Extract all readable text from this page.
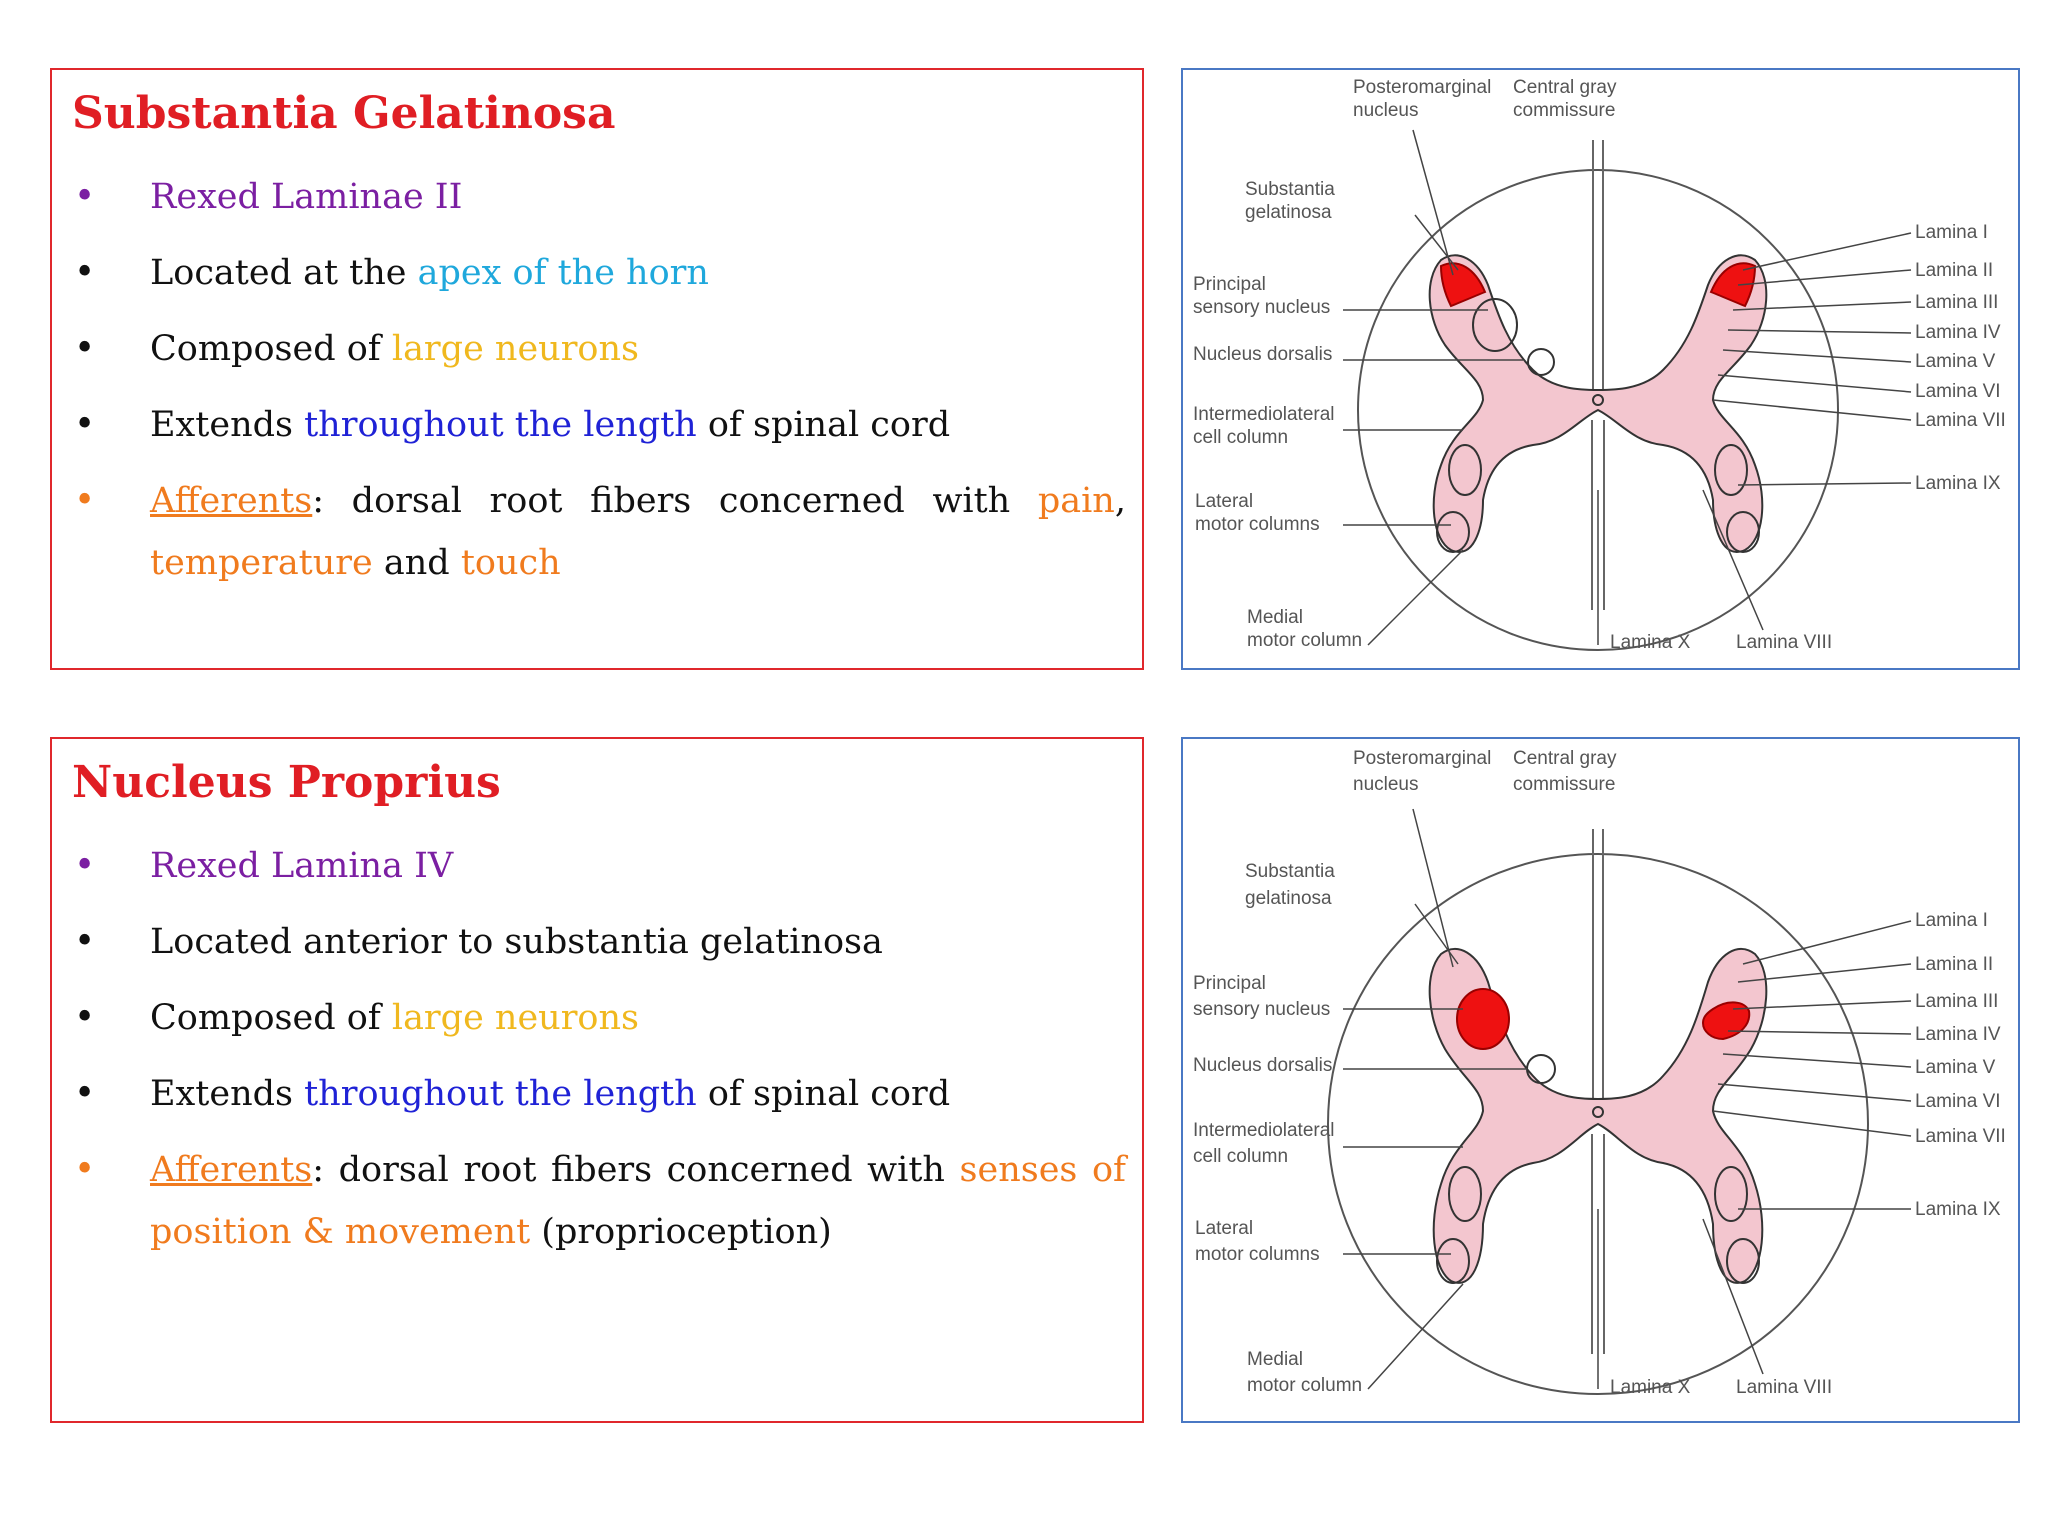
Substantia Gelatinosa
• Rexed Laminae II
• Located at the apex of the horn
• Composed of large neurons
• Extends throughout the length of spinal cord
• Afferents: dorsal root fibers concerned with pain, temperature and touch
Nucleus Proprius
• Rexed Lamina IV
• Located anterior to substantia gelatinosa
• Composed of large neurons
• Extends throughout the length of spinal cord
• Afferents: dorsal root fibers concerned with senses of position & movement (proprioception)
Posteromarginal
nucleus
Central gray
commissure
Substantia
gelatinosa
Principal
sensory nucleus
Nucleus dorsalis
Intermediolateral
cell column
Lateral
motor columns
Medial
motor column	Lamina X Lamina VIII
Lamina I
Lamina II
Lamina III
Lamina IV
Lamina V
Lamina VI
Lamina VII
Lamina IX
Posteromarginal
nucleus
Central gray
commissure
Substantia
gelatinosa
Principal
sensory nucleus
Nucleus dorsalis
Intermediolateral
cell column
Lateral
motor columns
Medial
motor column	Lamina X Lamina VIII
Lamina I
Lamina II
Lamina III
Lamina IV
Lamina V
Lamina VI
Lamina VII
Lamina IX
